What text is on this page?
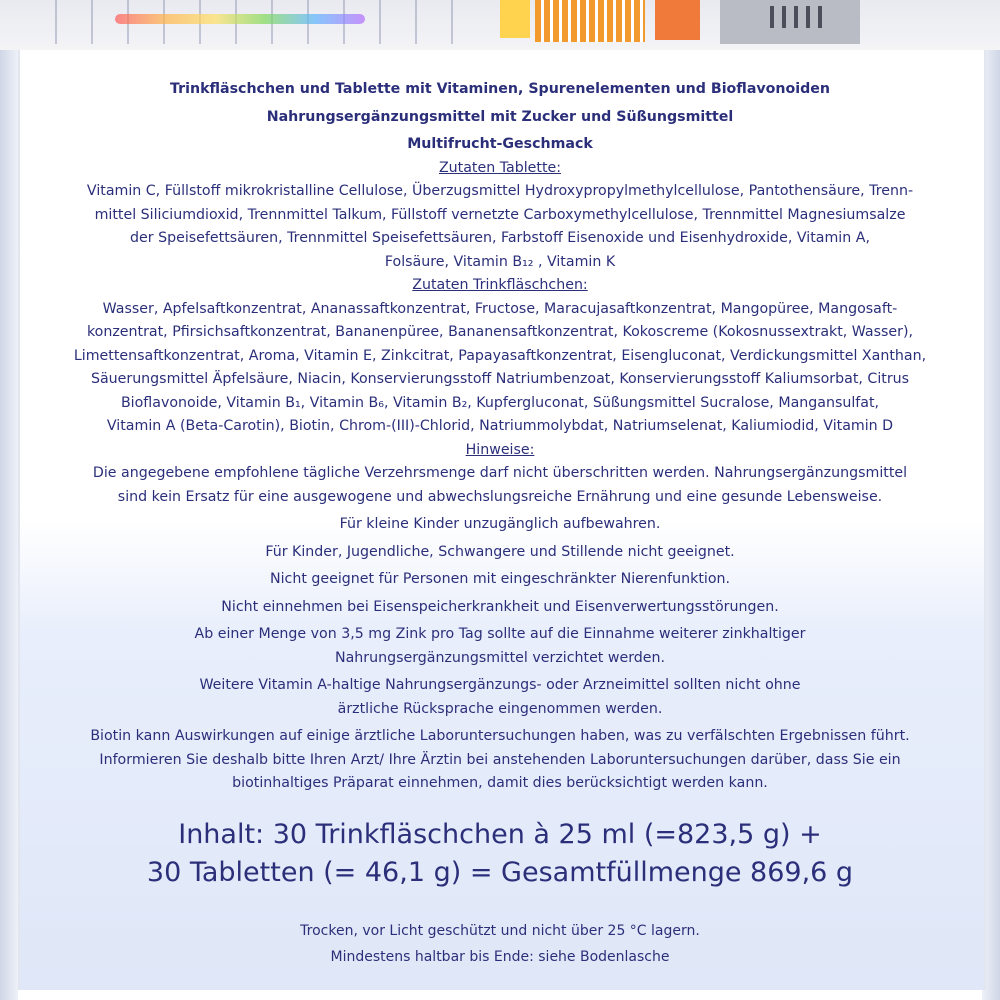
Trinkfläschchen und Tablette mit Vitaminen, Spurenelementen und Bioflavonoiden
Nahrungsergänzungsmittel mit Zucker und Süßungsmittel
Multifrucht-Geschmack
Zutaten Tablette:
Vitamin C, Füllstoff mikrokristalline Cellulose, Überzugsmittel Hydroxypropylmethylcellulose, Pantothensäure, Trenn-
mittel Siliciumdioxid, Trennmittel Talkum, Füllstoff vernetzte Carboxymethylcellulose, Trennmittel Magnesiumsalze
der Speisefettsäuren, Trennmittel Speisefettsäuren, Farbstoff Eisenoxide und Eisenhydroxide, Vitamin A,
Folsäure, Vitamin B₁₂ , Vitamin K
Zutaten Trinkfläschchen:
Wasser, Apfelsaftkonzentrat, Ananassaftkonzentrat, Fructose, Maracujasaftkonzentrat, Mangopüree, Mangosaft-
konzentrat, Pfirsichsaftkonzentrat, Bananenpüree, Bananensaftkonzentrat, Kokoscreme (Kokosnussextrakt, Wasser),
Limettensaftkonzentrat, Aroma, Vitamin E, Zinkcitrat, Papayasaftkonzentrat, Eisengluconat, Verdickungsmittel Xanthan,
Säuerungsmittel Äpfelsäure, Niacin, Konservierungsstoff Natriumbenzoat, Konservierungsstoff Kaliumsorbat, Citrus
Bioflavonoide, Vitamin B₁, Vitamin B₆, Vitamin B₂, Kupfergluconat, Süßungsmittel Sucralose, Mangansulfat,
Vitamin A (Beta-Carotin), Biotin, Chrom-(III)-Chlorid, Natriummolybdat, Natriumselenat, Kaliumiodid, Vitamin D
Hinweise:
Die angegebene empfohlene tägliche Verzehrsmenge darf nicht überschritten werden. Nahrungsergänzungsmittel
sind kein Ersatz für eine ausgewogene und abwechslungsreiche Ernährung und eine gesunde Lebensweise.
Für kleine Kinder unzugänglich aufbewahren.
Für Kinder, Jugendliche, Schwangere und Stillende nicht geeignet.
Nicht geeignet für Personen mit eingeschränkter Nierenfunktion.
Nicht einnehmen bei Eisenspeicherkrankheit und Eisenverwertungsstörungen.
Ab einer Menge von 3,5 mg Zink pro Tag sollte auf die Einnahme weiterer zinkhaltiger
Nahrungsergänzungsmittel verzichtet werden.
Weitere Vitamin A-haltige Nahrungsergänzungs- oder Arzneimittel sollten nicht ohne
ärztliche Rücksprache eingenommen werden.
Biotin kann Auswirkungen auf einige ärztliche Laboruntersuchungen haben, was zu verfälschten Ergebnissen führt.
Informieren Sie deshalb bitte Ihren Arzt/ Ihre Ärztin bei anstehenden Laboruntersuchungen darüber, dass Sie ein
biotinhaltiges Präparat einnehmen, damit dies berücksichtigt werden kann.
Inhalt: 30 Trinkfläschchen à 25 ml (=823,5 g) +
30 Tabletten (= 46,1 g) = Gesamtfüllmenge 869,6 g
Trocken, vor Licht geschützt und nicht über 25 °C lagern.
Mindestens haltbar bis Ende: siehe Bodenlasche
